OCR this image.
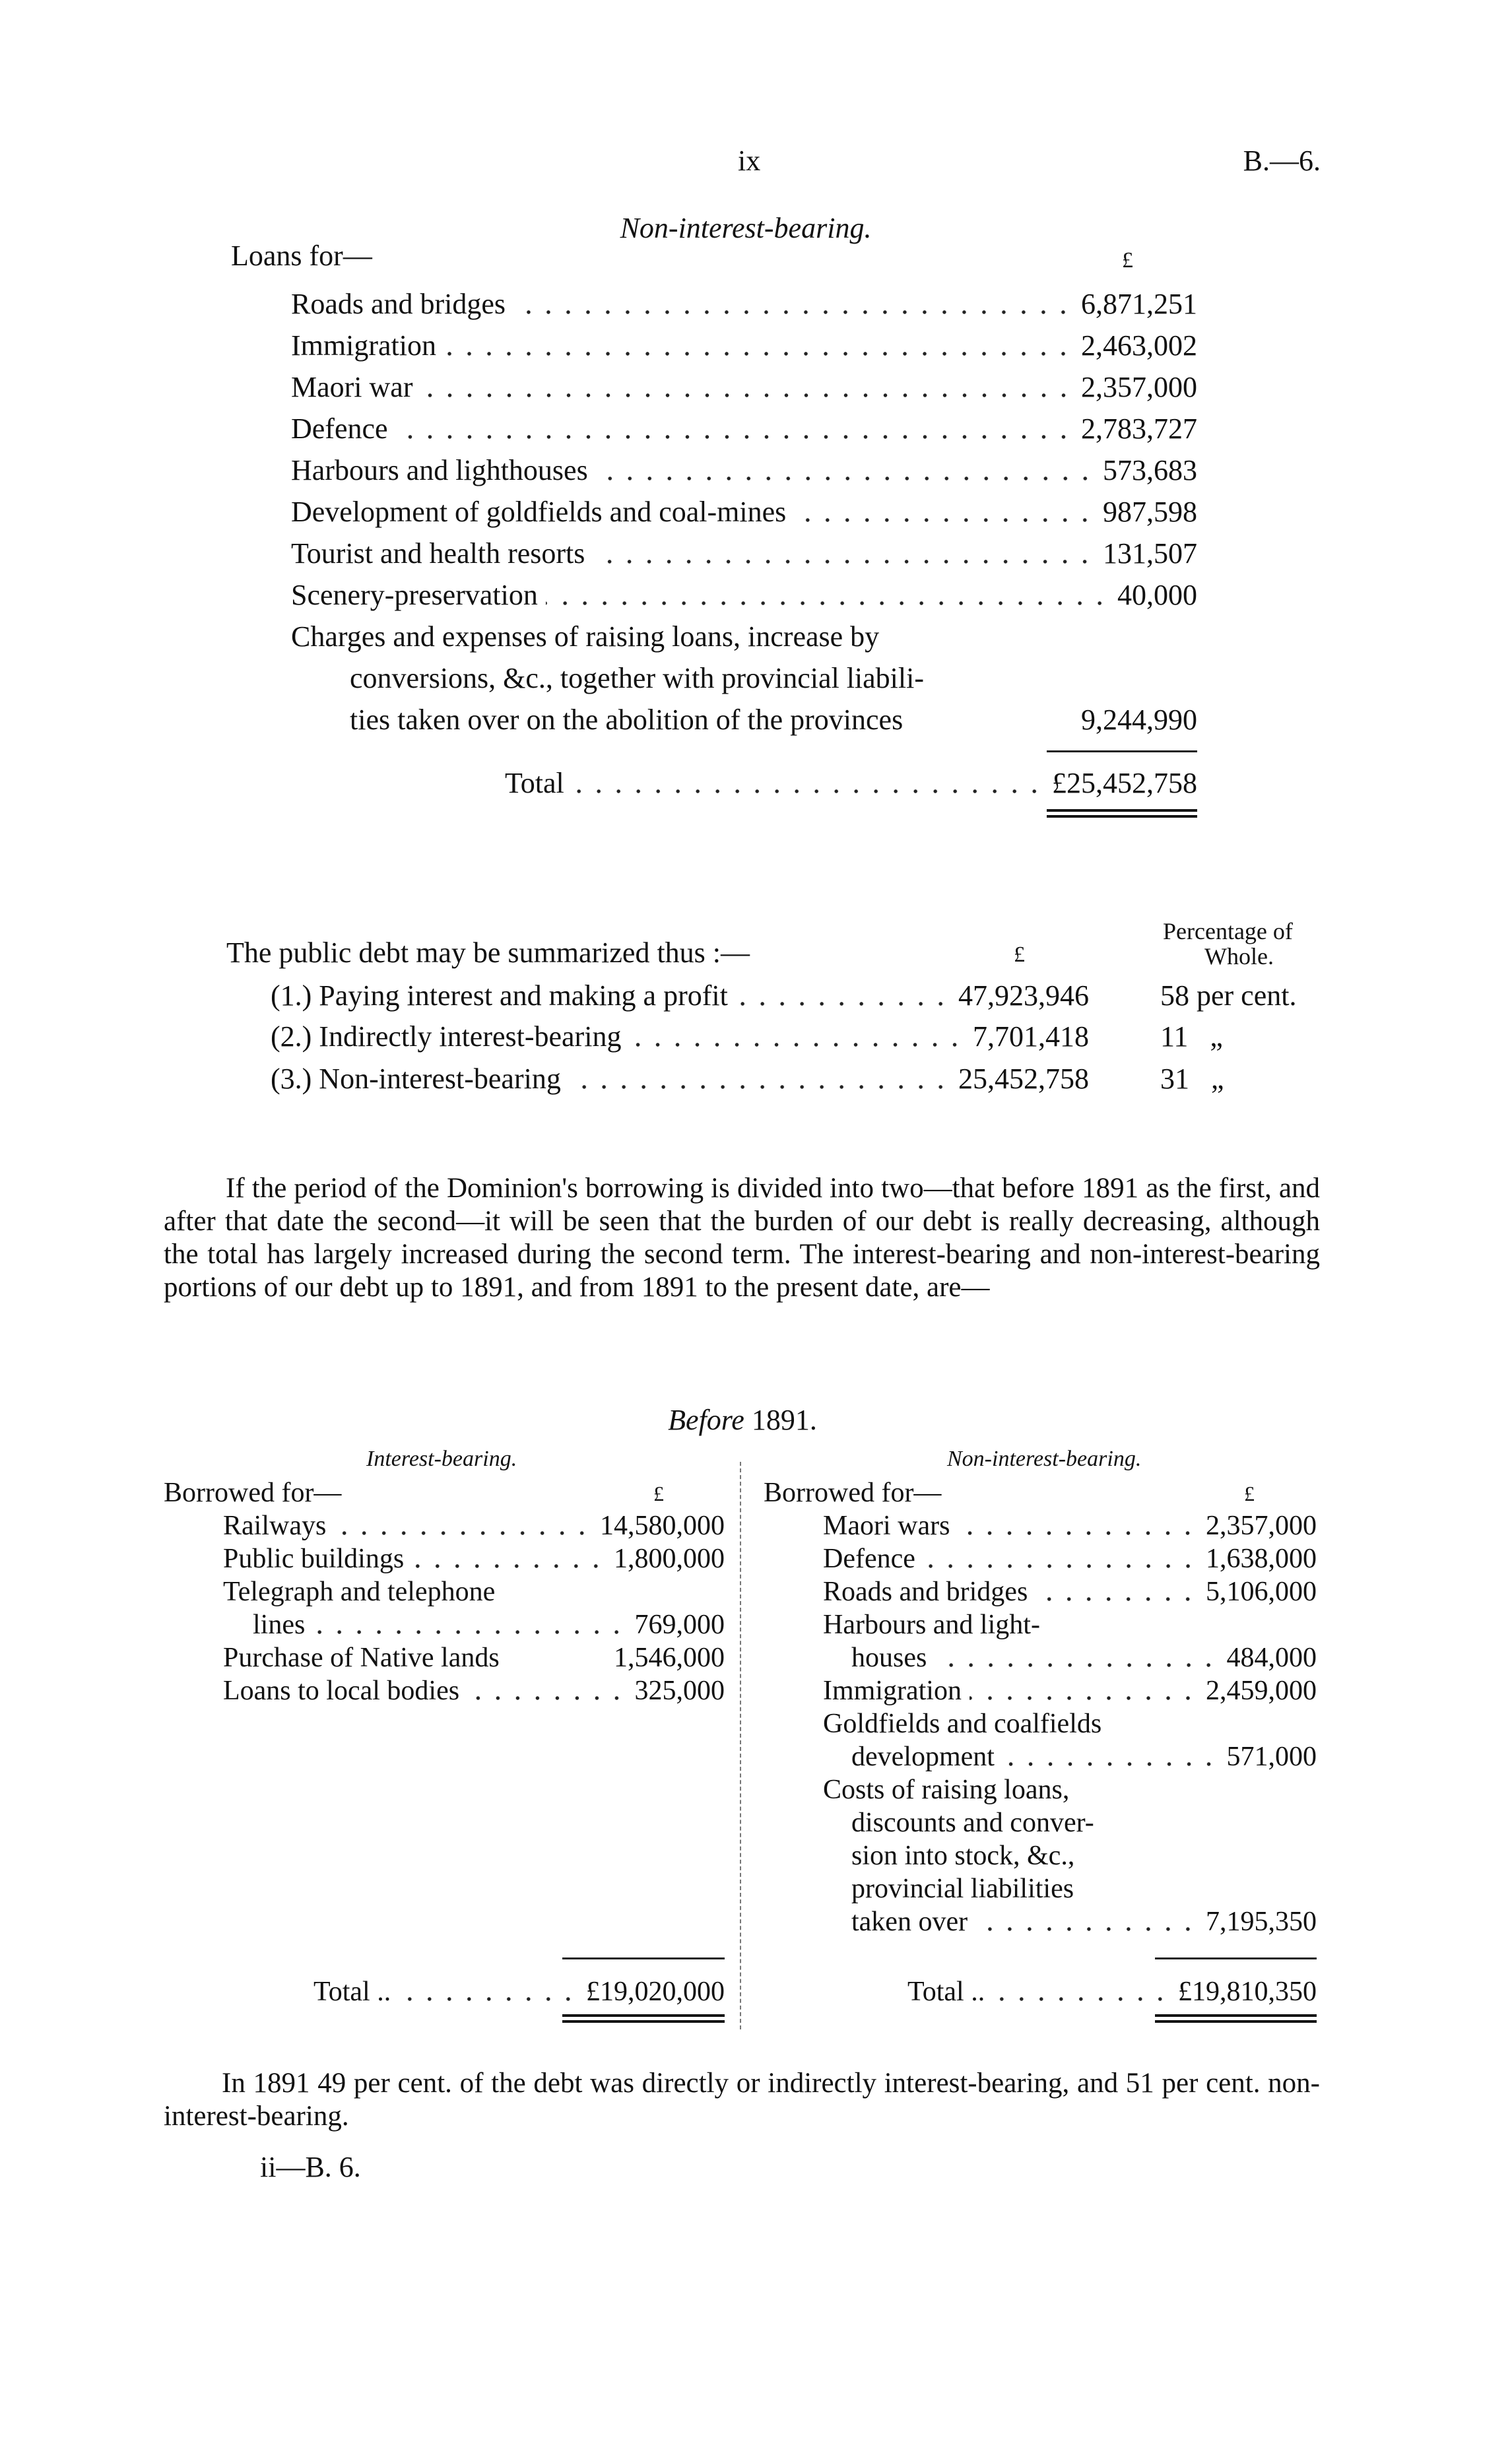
ix	B.—6.
Non-interest-bearing.
Loans for—	£
Roads and bridges	6,871,251
Immigration	2,463,002
Maori war	2,357,000
Defence	2,783,727
Harbours and lighthouses	573,683
Development of goldfields and coal-mines	987,598
Tourist and health resorts	131,507
Scenery-preservation	40,000
Charges and expenses of raising loans, increase by
conversions, &c., together with provincial liabili-
ties taken over on the abolition of the provinces	9,244,990
Total	£25,452,758
Percentage of
Whole.
The public debt may be summarized thus :—	£
(1.) Paying interest and making a profit	47,923,946 58 per cent.
(2.) Indirectly interest-bearing	7,701,418 11   „
(3.) Non-interest-bearing	25,452,758 31   „
If the period of the Dominion's borrowing is divided into two—that before 1891 as the first, and after that date the second—it will be seen that the burden of our debt is really decreasing, although the total has largely increased during the second term. The interest-bearing and non-interest-bearing portions of our debt up to 1891, and from 1891 to the present date, are—
Before 1891.
Interest-bearing.
Borrowed for—	£
Railways	14,580,000
Public buildings	1,800,000
Telegraph and telephone
lines	769,000
Purchase of Native lands	1,546,000
Loans to local bodies	325,000
Total ..	£19,020,000
Non-interest-bearing.
Borrowed for—	£
Maori wars	2,357,000
Defence	1,638,000
Roads and bridges	5,106,000
Harbours and light-
houses	484,000
Immigration	2,459,000
Goldfields and coalfields
development	571,000
Costs of raising loans,
discounts and conver-
sion into stock, &c.,
provincial liabilities
taken over	7,195,350
Total ..	£19,810,350
In 1891 49 per cent. of the debt was directly or indirectly interest-bearing, and 51 per cent. non-interest-bearing.
ii—B. 6.
